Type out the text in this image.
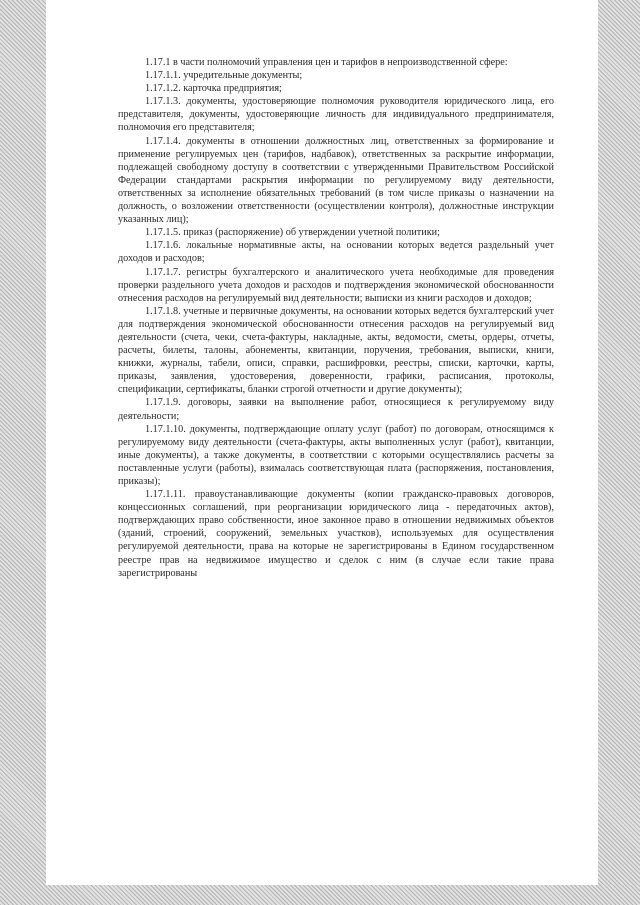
1.17.1 в части полномочий управления цен и тарифов в непроизводственной сфере:

1.17.1.1. учредительные документы;

1.17.1.2. карточка предприятия;

1.17.1.3. документы, удостоверяющие полномочия руководителя юридического лица, его представителя, документы, удостоверяющие личность для индивидуального предпринимателя, полномочия его представителя;

1.17.1.4. документы в отношении должностных лиц, ответственных за формирование и применение регулируемых цен (тарифов, надбавок), ответственных за раскрытие информации, подлежащей свободному доступу в соответствии с утвержденными Правительством Российской Федерации стандартами раскрытия информации по регулируемому виду деятельности, ответственных за исполнение обязательных требований (в том числе приказы о назначении на должность, о возложении ответственности (осуществлении контроля), должностные инструкции указанных лиц);

1.17.1.5. приказ (распоряжение) об утверждении учетной политики;

1.17.1.6. локальные нормативные акты, на основании которых ведется раздельный учет доходов и расходов;

1.17.1.7. регистры бухгалтерского и аналитического учета необходимые для проведения проверки раздельного учета доходов и расходов и подтверждения экономической обоснованности отнесения расходов на регулируемый вид деятельности; выписки из книги расходов и доходов;

1.17.1.8. учетные и первичные документы, на основании которых ведется бухгалтерский учет для подтверждения экономической обоснованности отнесения расходов на регулируемый вид деятельности (счета, чеки, счета-фактуры, накладные, акты, ведомости, сметы, ордеры, отчеты, расчеты, билеты, талоны, абонементы, квитанции, поручения, требования, выписки, книги, книжки, журналы, табели, описи, справки, расшифровки, реестры, списки, карточки, карты, приказы, заявления, удостоверения, доверенности, графики, расписания, протоколы, спецификации, сертификаты, бланки строгой отчетности и другие документы);

1.17.1.9. договоры, заявки на выполнение работ, относящиеся к регулируемому виду деятельности;

1.17.1.10. документы, подтверждающие оплату услуг (работ) по договорам, относящимся к регулируемому виду деятельности (счета-фактуры, акты выполненных услуг (работ), квитанции, иные документы), а также документы, в соответствии с которыми осуществлялись расчеты за поставленные услуги (работы), взималась соответствующая плата (распоряжения, постановления, приказы);

1.17.1.11. правоустанавливающие документы (копии гражданско-правовых договоров, концессионных соглашений, при реорганизации юридического лица - передаточных актов), подтверждающих право собственности, иное законное право в отношении недвижимых объектов (зданий, строений, сооружений, земельных участков), используемых для осуществления регулируемой деятельности, права на которые не зарегистрированы в Едином государственном реестре прав на недвижимое имущество и сделок с ним (в случае если такие права зарегистрированы
